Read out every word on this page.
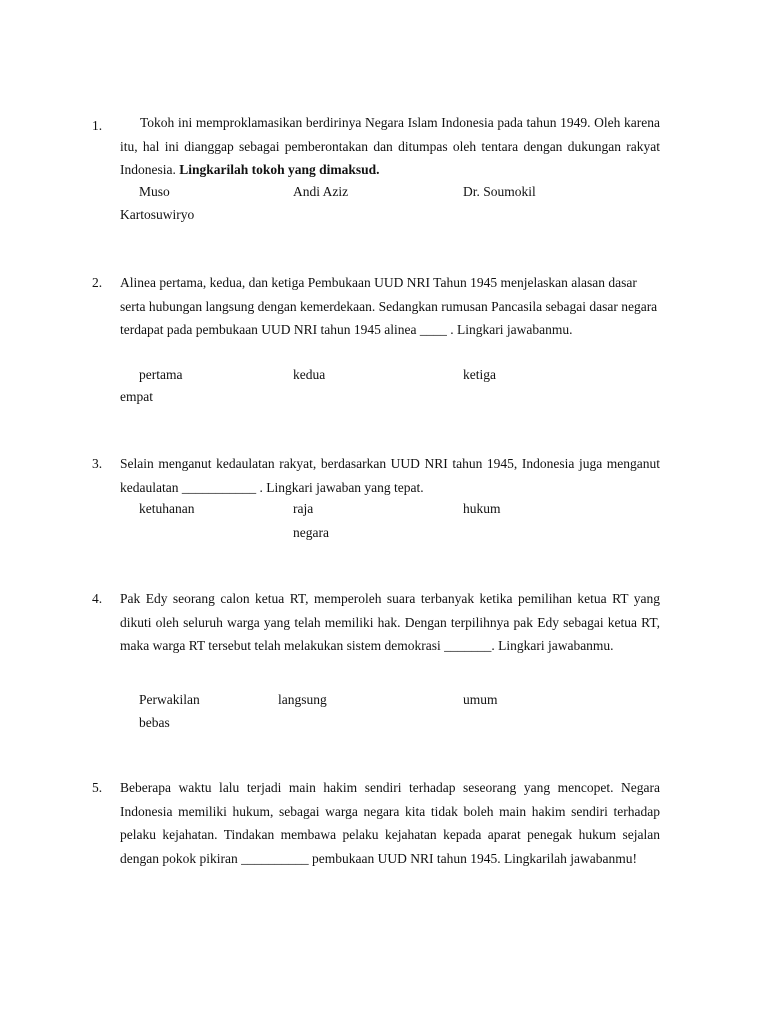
1.	Tokoh ini memproklamasikan berdirinya Negara Islam Indonesia pada tahun 1949. Oleh karena itu, hal ini dianggap sebagai pemberontakan dan ditumpas oleh tentara dengan dukungan rakyat Indonesia. Lingkarilah tokoh yang dimaksud.

Muso	Andi Aziz	Dr. Soumokil
Kartosuwiryo
2. Alinea pertama, kedua, dan ketiga Pembukaan UUD NRI Tahun 1945 menjelaskan alasan dasar serta hubungan langsung dengan kemerdekaan. Sedangkan rumusan Pancasila sebagai dasar negara terdapat pada pembukaan UUD NRI tahun 1945 alinea ____ . Lingkari jawabanmu.

pertama	kedua	ketiga
empat
3. Selain menganut kedaulatan rakyat, berdasarkan UUD NRI tahun 1945, Indonesia juga menganut kedaulatan ___________ . Lingkari jawaban yang tepat.

ketuhanan	raja	hukum
negara
4. Pak Edy seorang calon ketua RT, memperoleh suara terbanyak ketika pemilihan ketua RT yang dikuti oleh seluruh warga yang telah memiliki hak. Dengan terpilihnya pak Edy sebagai ketua RT, maka warga RT tersebut telah melakukan sistem demokrasi _______. Lingkari jawabanmu.

Perwakilan	langsung	umum
bebas
5. Beberapa waktu lalu terjadi main hakim sendiri terhadap seseorang yang mencopet. Negara Indonesia memiliki hukum, sebagai warga negara kita tidak boleh main hakim sendiri terhadap pelaku kejahatan. Tindakan membawa pelaku kejahatan kepada aparat penegak hukum sejalan dengan pokok pikiran __________ pembukaan UUD NRI tahun 1945. Lingkarilah jawabanmu!
